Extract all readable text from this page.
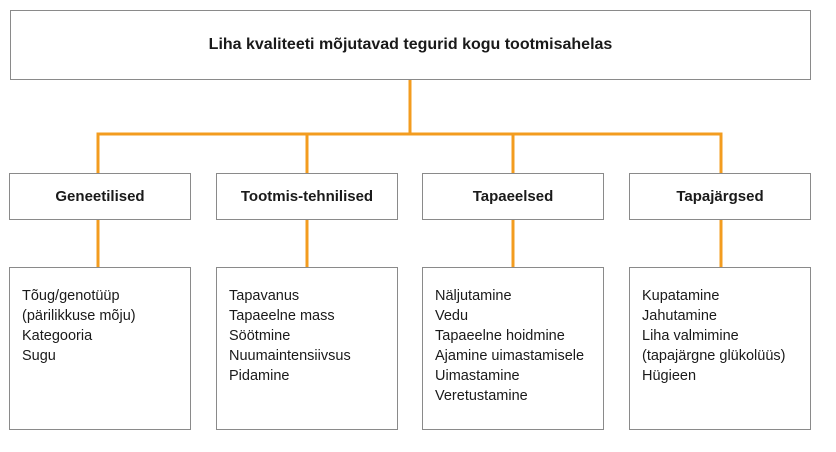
Liha kvaliteeti mõjutavad tegurid kogu tootmisahelas
Geneetilised
Tõug/genotüüp
(pärilikkuse mõju)
Kategooria
Sugu
Tootmis-tehnilised
Tapavanus
Tapaeelne mass
Söötmine
Nuumaintensiivsus
Pidamine
Tapaeelsed
Näljutamine
Vedu
Tapaeelne hoidmine
Ajamine uimastamisele
Uimastamine
Veretustamine
Tapajärgsed
Kupatamine
Jahutamine
Liha valmimine
(tapajärgne glükolüüs)
Hügieen
